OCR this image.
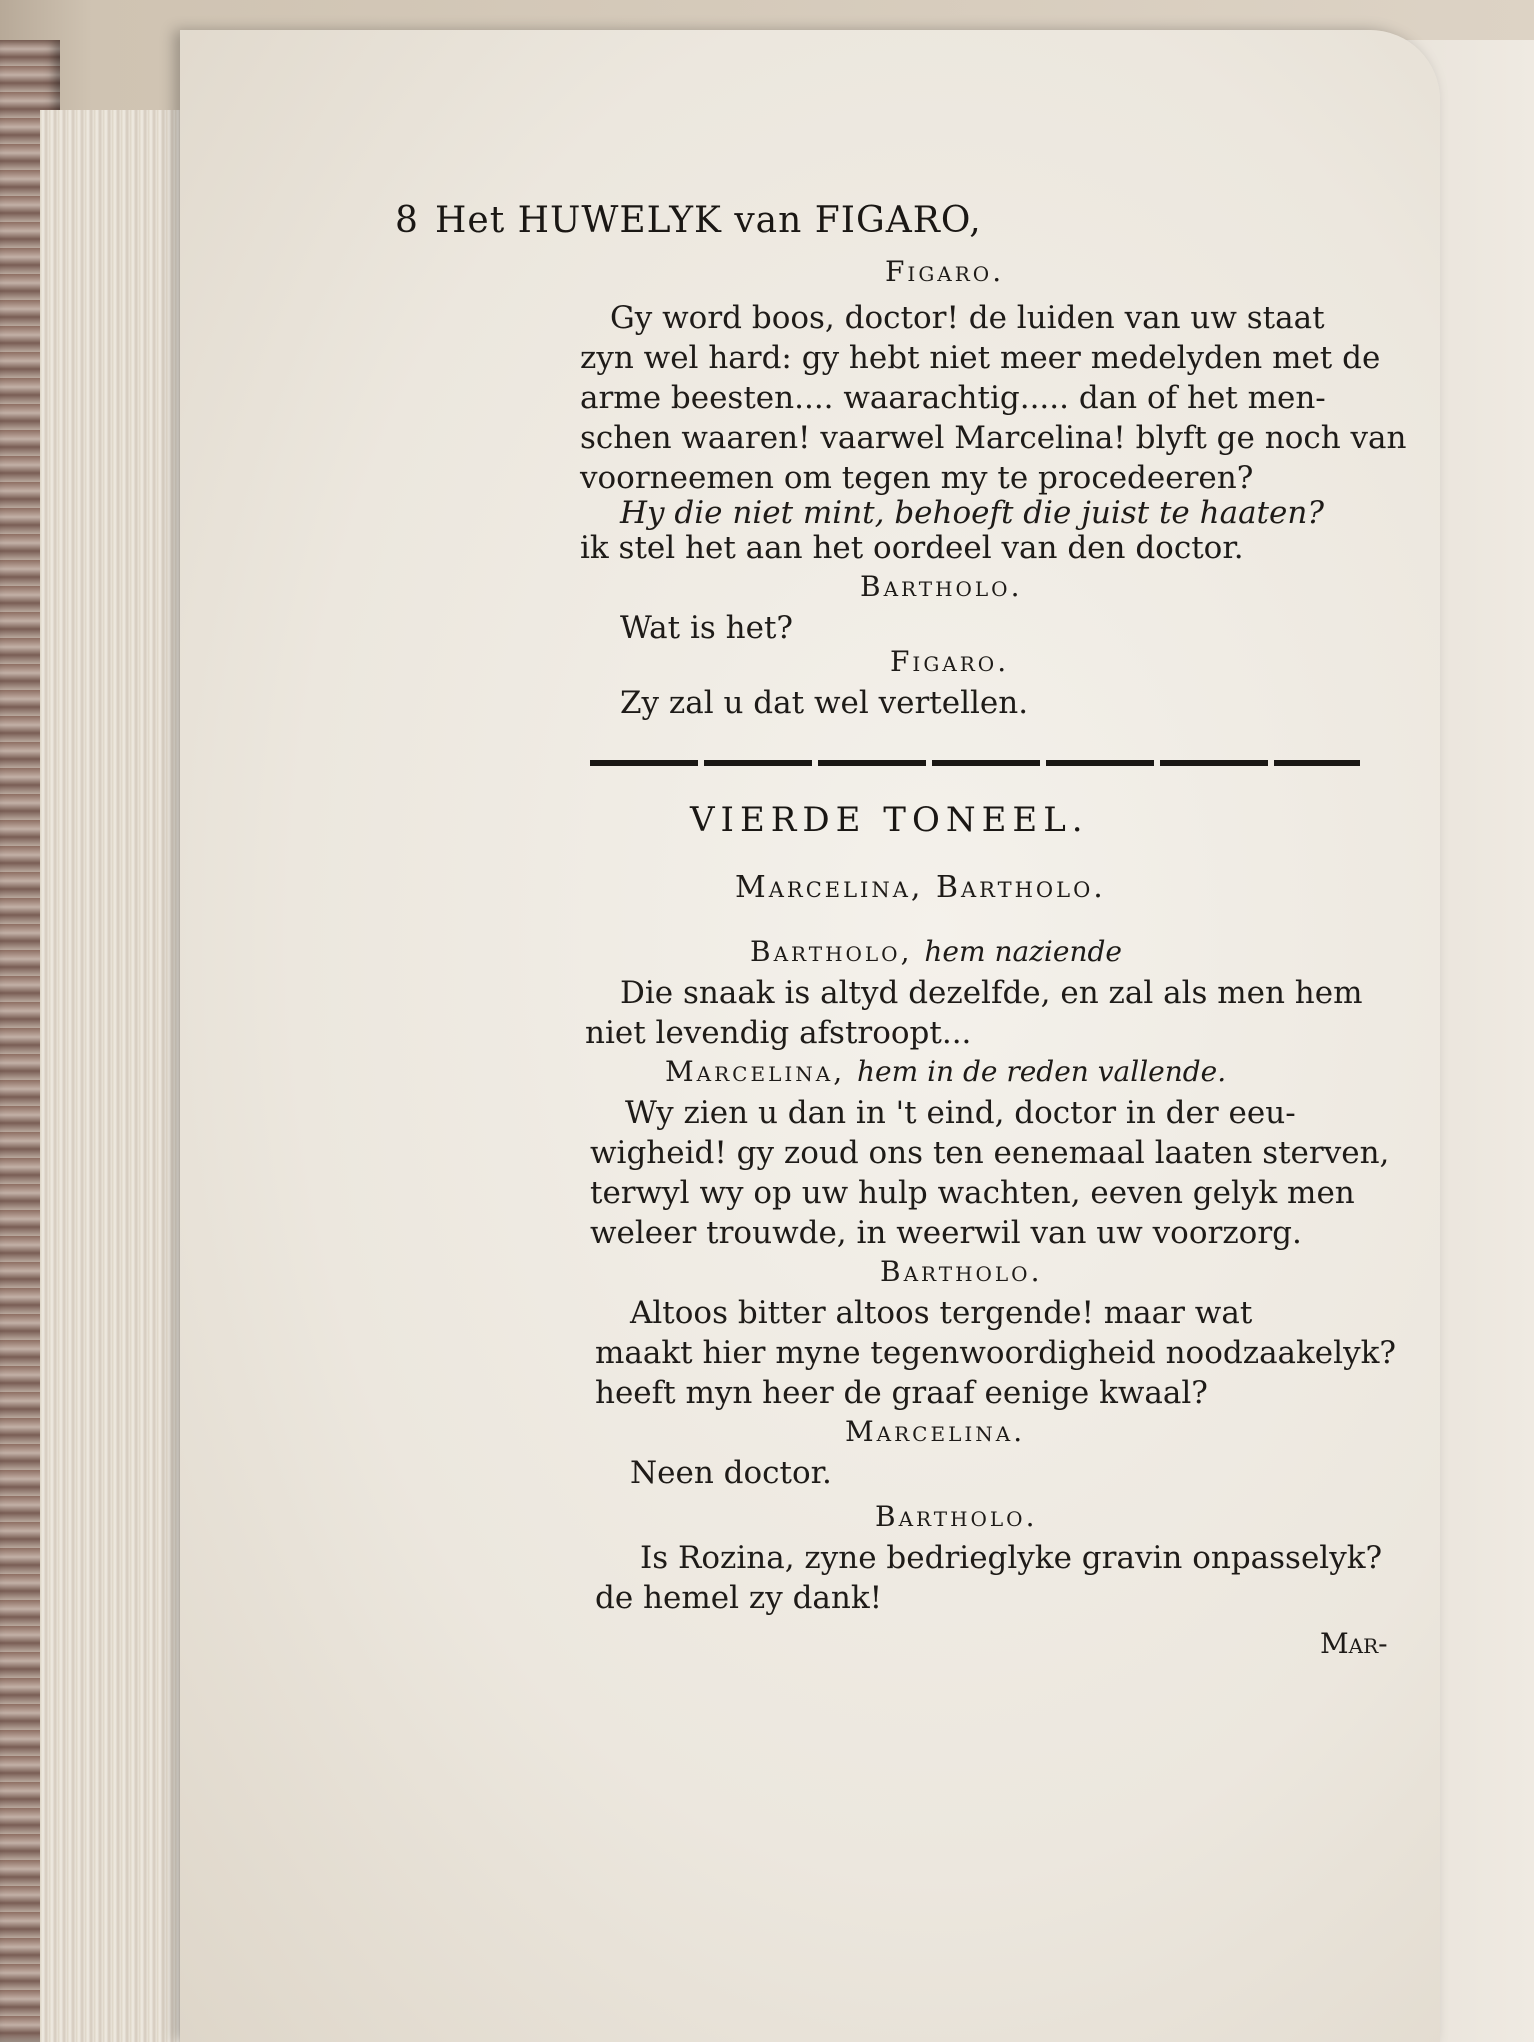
8 Het HUWELYK van FIGARO,
Figaro.
Gy word boos, doctor! de luiden van uw staat
zyn wel hard: gy hebt niet meer medelyden met de
arme beesten.... waarachtig..... dan of het men-
schen waaren! vaarwel Marcelina! blyft ge noch van
voorneemen om tegen my te procedeeren?
Hy die niet mint, behoeft die juist te haaten?
ik stel het aan het oordeel van den doctor.
Bartholo.
Wat is het?
Figaro.
Zy zal u dat wel vertellen.
VIERDE TONEEL.
Marcelina, Bartholo.
Bartholo, hem naziende
Die snaak is altyd dezelfde, en zal als men hem
niet levendig afstroopt...
Marcelina, hem in de reden vallende.
Wy zien u dan in 't eind, doctor in der eeu-
wigheid! gy zoud ons ten eenemaal laaten sterven,
terwyl wy op uw hulp wachten, eeven gelyk men
weleer trouwde, in weerwil van uw voorzorg.
Bartholo.
Altoos bitter altoos tergende! maar wat
maakt hier myne tegenwoordigheid noodzaakelyk?
heeft myn heer de graaf eenige kwaal?
Marcelina.
Neen doctor.
Bartholo.
Is Rozina, zyne bedrieglyke gravin onpasselyk?
de hemel zy dank!
Mar-
